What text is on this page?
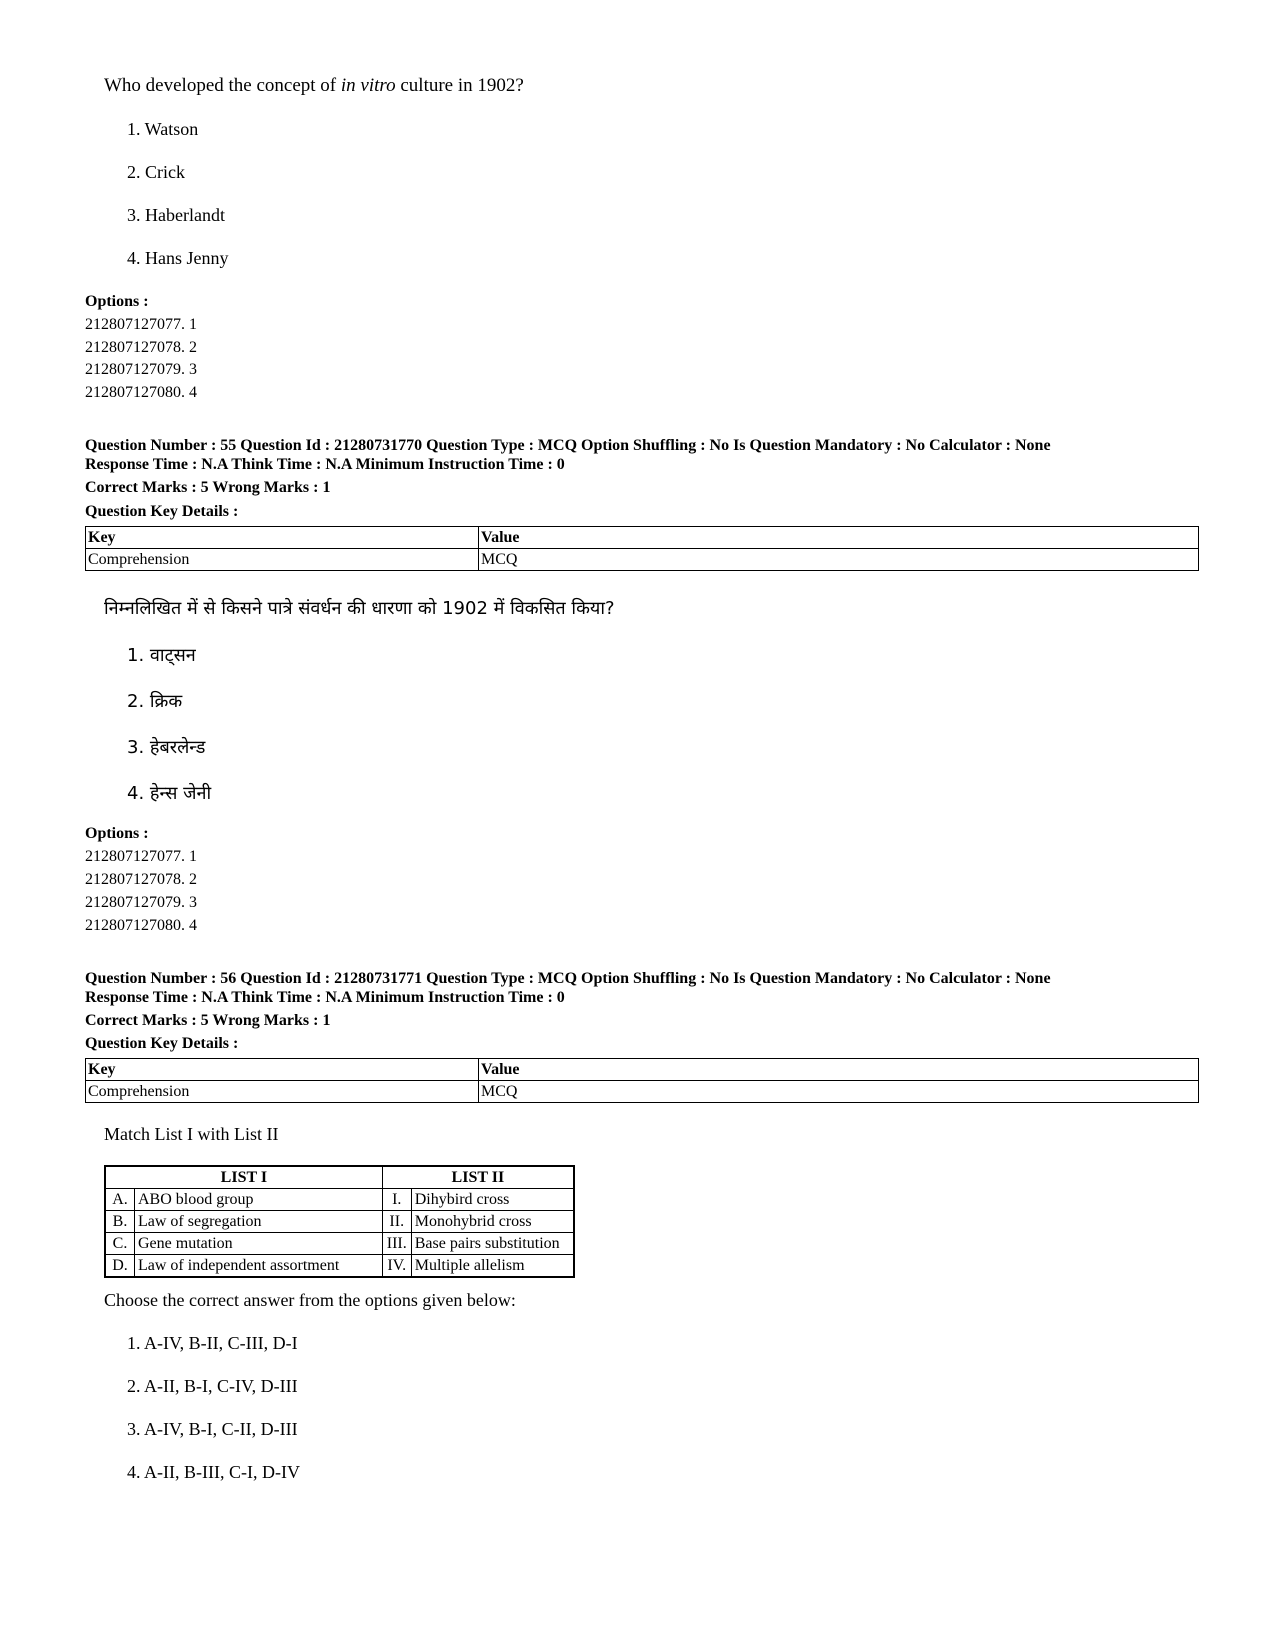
Who developed the concept of in vitro culture in 1902?
1. Watson
2. Crick
3. Haberlandt
4. Hans Jenny
Options :
212807127077. 1
212807127078. 2
212807127079. 3
212807127080. 4
Question Number : 55 Question Id : 21280731770 Question Type : MCQ Option Shuffling : No Is Question Mandatory : No Calculator : None
Response Time : N.A Think Time : N.A Minimum Instruction Time : 0
Correct Marks : 5 Wrong Marks : 1
Question Key Details :
Key	Value
Comprehension	MCQ
निम्नलिखित में से किसने पात्रे संवर्धन की धारणा को 1902 में विकसित किया?
1. वाट्सन
2. क्रिक
3. हेबरलेन्ड
4. हेन्स जेनी
Options :
212807127077. 1
212807127078. 2
212807127079. 3
212807127080. 4
Question Number : 56 Question Id : 21280731771 Question Type : MCQ Option Shuffling : No Is Question Mandatory : No Calculator : None
Response Time : N.A Think Time : N.A Minimum Instruction Time : 0
Correct Marks : 5 Wrong Marks : 1
Question Key Details :
Key	Value
Comprehension	MCQ
Match List I with List II
LIST I		LIST II	
A.	ABO blood group	I.	Dihybird cross
B.	Law of segregation	II.	Monohybrid cross
C.	Gene mutation	III.	Base pairs substitution
D.	Law of independent assortment	IV.	Multiple allelism
Choose the correct answer from the options given below:
1. A-IV, B-II, C-III, D-I
2. A-II, B-I, C-IV, D-III
3. A-IV, B-I, C-II, D-III
4. A-II, B-III, C-I, D-IV
